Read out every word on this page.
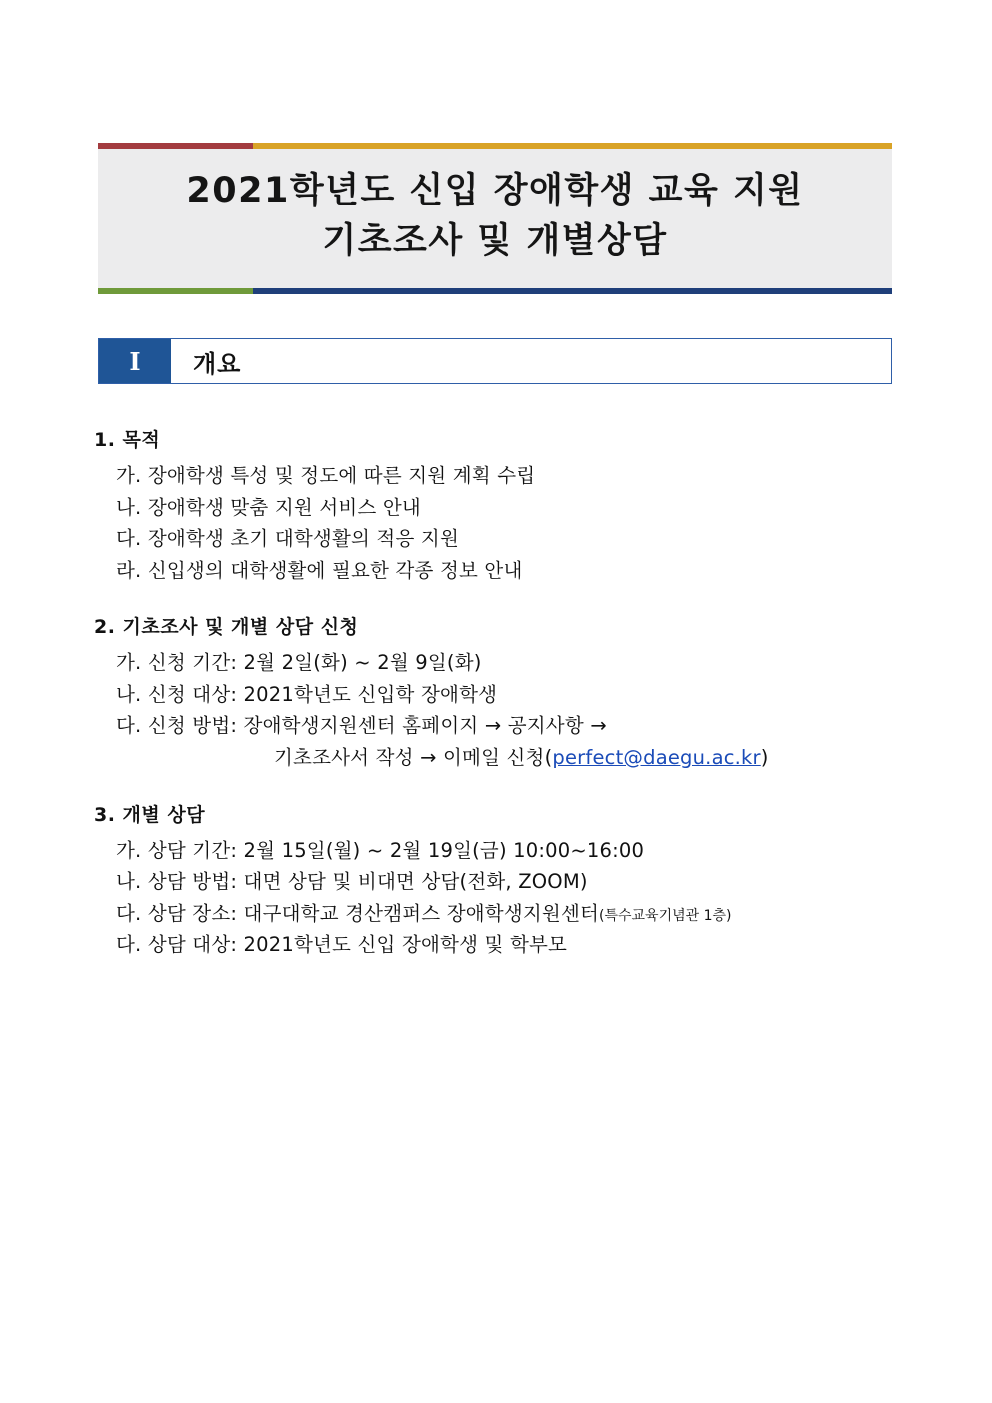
2021학년도 신입 장애학생 교육 지원
기초조사 및 개별상담
Ⅰ	개요
1. 목적
가. 장애학생 특성 및 정도에 따른 지원 계획 수립
나. 장애학생 맞춤 지원 서비스 안내
다. 장애학생 초기 대학생활의 적응 지원
라. 신입생의 대학생활에 필요한 각종 정보 안내
2. 기초조사 및 개별 상담 신청
가. 신청 기간: 2월 2일(화) ~ 2월 9일(화)
나. 신청 대상: 2021학년도 신입학 장애학생
다. 신청 방법: 장애학생지원센터 홈페이지 → 공지사항 →
기초조사서 작성 → 이메일 신청(perfect@daegu.ac.kr)
3. 개별 상담
가. 상담 기간: 2월 15일(월) ~ 2월 19일(금) 10:00~16:00
나. 상담 방법: 대면 상담 및 비대면 상담(전화, ZOOM)
다. 상담 장소: 대구대학교 경산캠퍼스 장애학생지원센터(특수교육기념관 1층)
다. 상담 대상: 2021학년도 신입 장애학생 및 학부모
